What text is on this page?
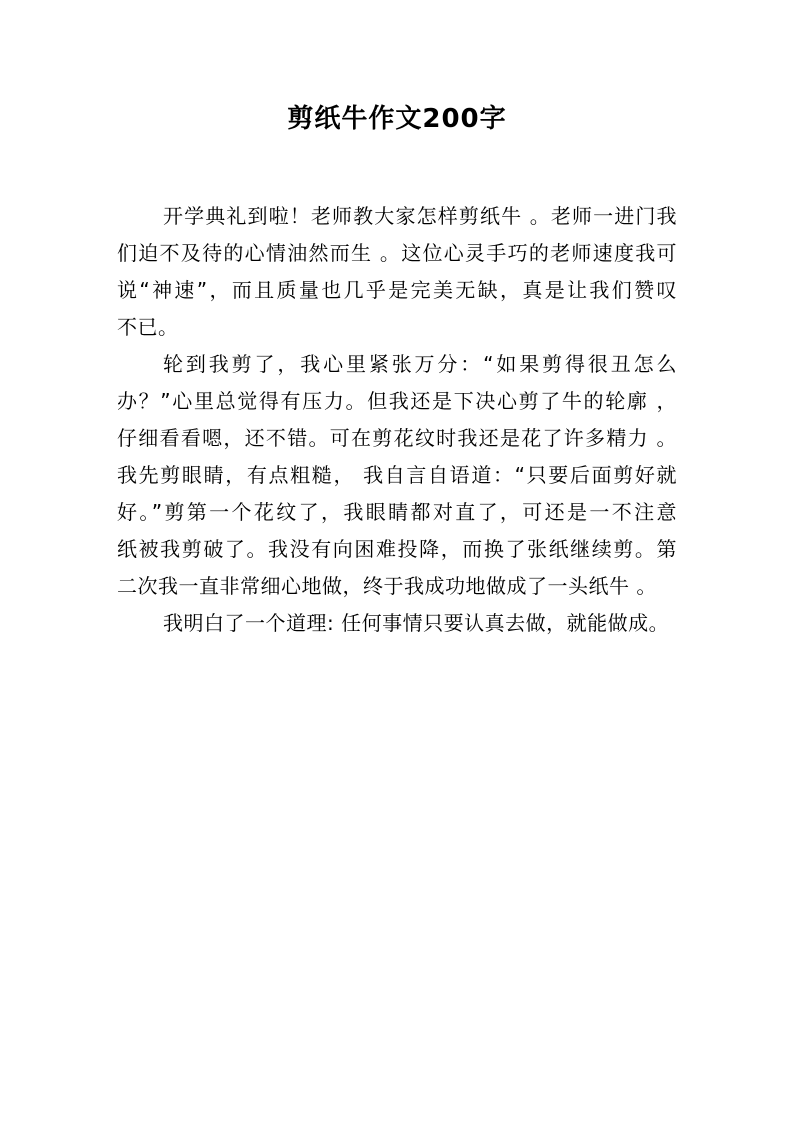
剪纸牛作文200字
开学典礼到啦！老师教大家怎样剪纸牛 。老师一进门我
们迫不及待的心情油然而生 。这位心灵手巧的老师速度我可
说“神速”，而且质量也几乎是完美无缺，真是让我们赞叹
不已。
轮到我剪了，我心里紧张万分：“如果剪得很丑怎么
办？”心里总觉得有压力。但我还是下决心剪了牛的轮廓 ，
仔细看看嗯，还不错。可在剪花纹时我还是花了许多精力 。
我先剪眼睛，有点粗糙， 我自言自语道：“只要后面剪好就
好。”剪第一个花纹了，我眼睛都对直了，可还是一不注意
纸被我剪破了。我没有向困难投降，而换了张纸继续剪。第
二次我一直非常细心地做，终于我成功地做成了一头纸牛 。
我明白了一个道理: 任何事情只要认真去做，就能做成。
